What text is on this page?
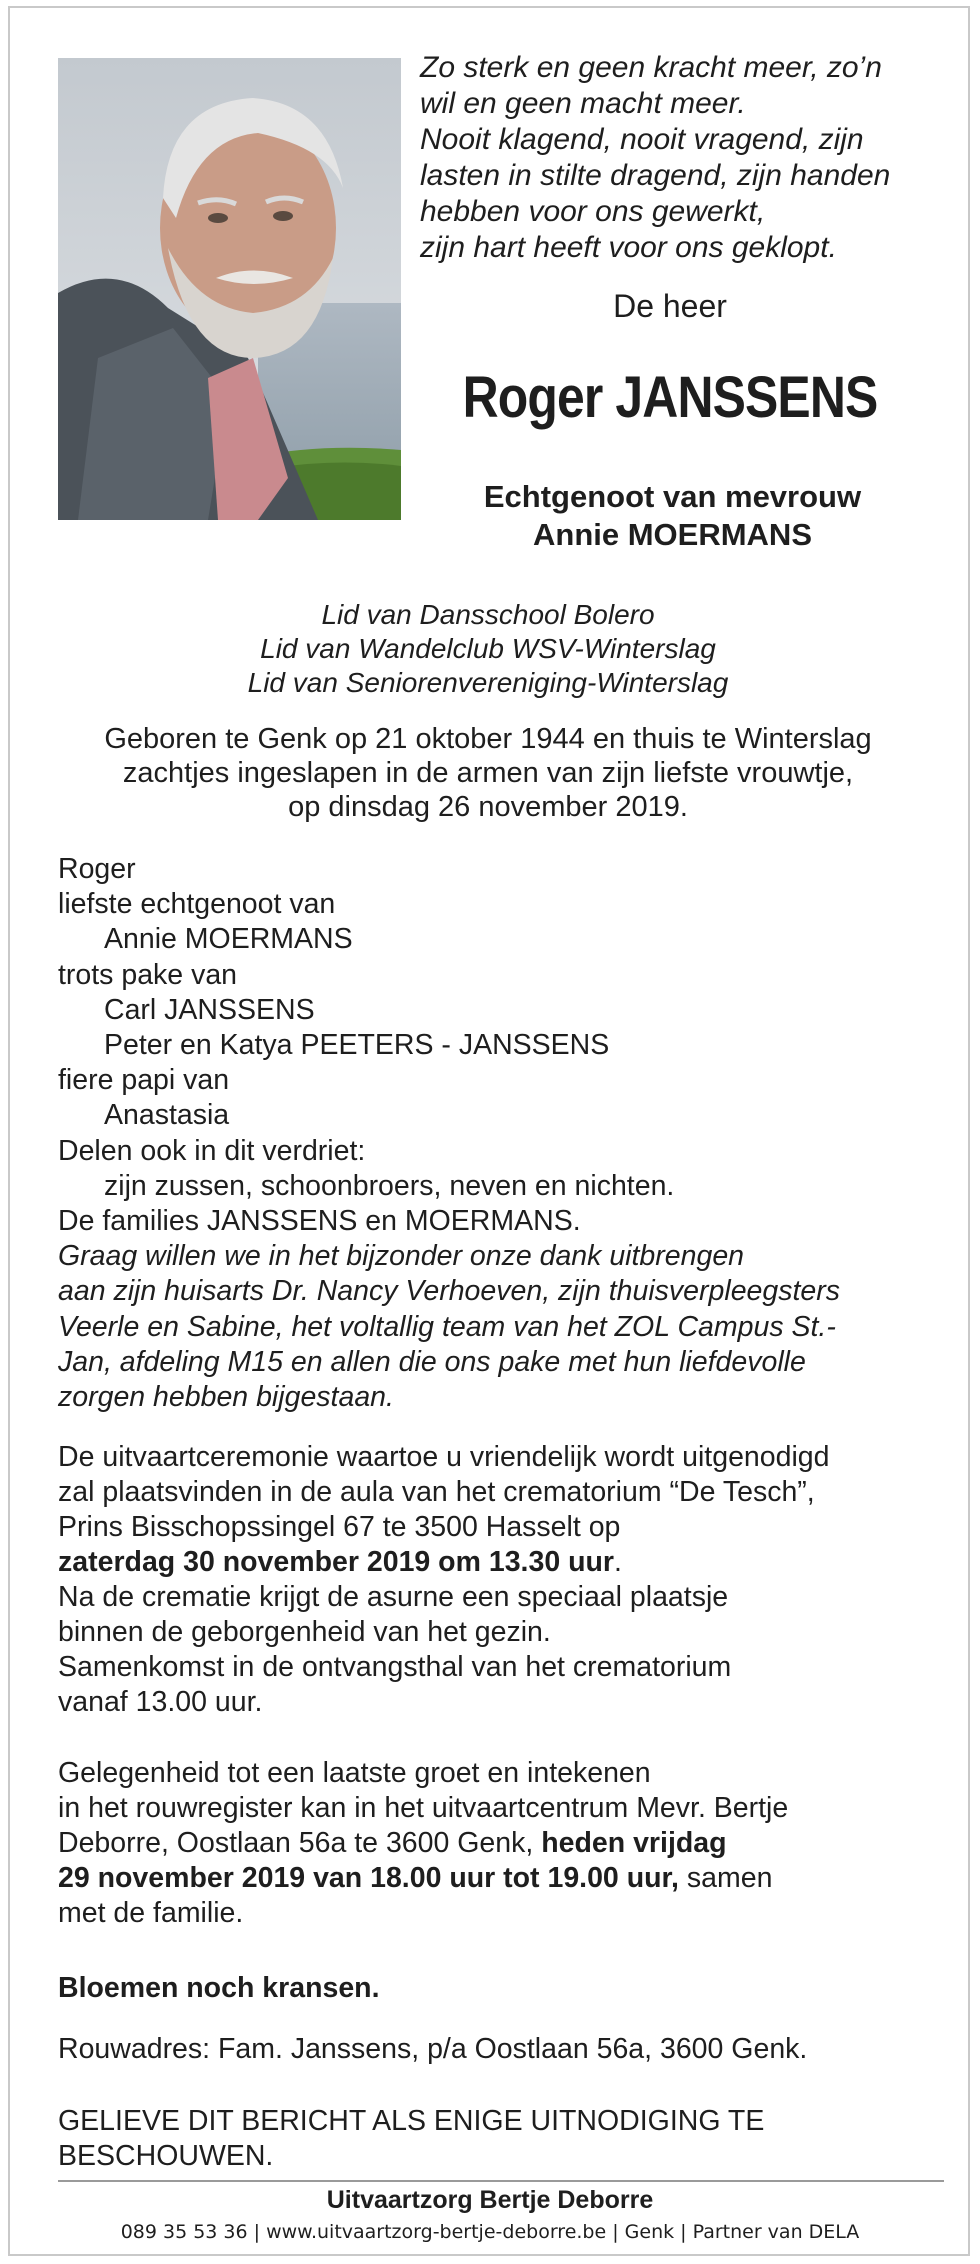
Zo sterk en geen kracht meer, zo’n
wil en geen macht meer.
Nooit klagend, nooit vragend, zijn
lasten in stilte dragend, zijn handen
hebben voor ons gewerkt,
zijn hart heeft voor ons geklopt.
De heer
Roger JANSSENS
Echtgenoot van mevrouw
Annie MOERMANS
Lid van Dansschool Bolero
Lid van Wandelclub WSV-Winterslag
Lid van Seniorenvereniging-Winterslag
Geboren te Genk op 21 oktober 1944 en thuis te Winterslag
zachtjes ingeslapen in de armen van zijn liefste vrouwtje,
op dinsdag 26 november 2019.
Roger
liefste echtgenoot van
Annie MOERMANS
trots pake van
Carl JANSSENS
Peter en Katya PEETERS - JANSSENS
fiere papi van
Anastasia
Delen ook in dit verdriet:
zijn zussen, schoonbroers, neven en nichten.
De families JANSSENS en MOERMANS.
Graag willen we in het bijzonder onze dank uitbrengen
aan zijn huisarts Dr. Nancy Verhoeven, zijn thuisverpleegsters
Veerle en Sabine, het voltallig team van het ZOL Campus St.-
Jan, afdeling M15 en allen die ons pake met hun liefdevolle
zorgen hebben bijgestaan.
De uitvaartceremonie waartoe u vriendelijk wordt uitgenodigd
zal plaatsvinden in de aula van het crematorium “De Tesch”,
Prins Bisschopssingel 67 te 3500 Hasselt op
zaterdag 30 november 2019 om 13.30 uur.
Na de crematie krijgt de asurne een speciaal plaatsje
binnen de geborgenheid van het gezin.
Samenkomst in de ontvangsthal van het crematorium
vanaf 13.00 uur.
Gelegenheid tot een laatste groet en intekenen
in het rouwregister kan in het uitvaartcentrum Mevr. Bertje
Deborre, Oostlaan 56a te 3600 Genk, heden vrijdag
29 november 2019 van 18.00 uur tot 19.00 uur, samen
met de familie.
Bloemen noch kransen.
Rouwadres: Fam. Janssens, p/a Oostlaan 56a, 3600 Genk.
GELIEVE DIT BERICHT ALS ENIGE UITNODIGING TE
BESCHOUWEN.
Uitvaartzorg Bertje Deborre
089 35 53 36 | www.uitvaartzorg-bertje-deborre.be | Genk | Partner van DELA
